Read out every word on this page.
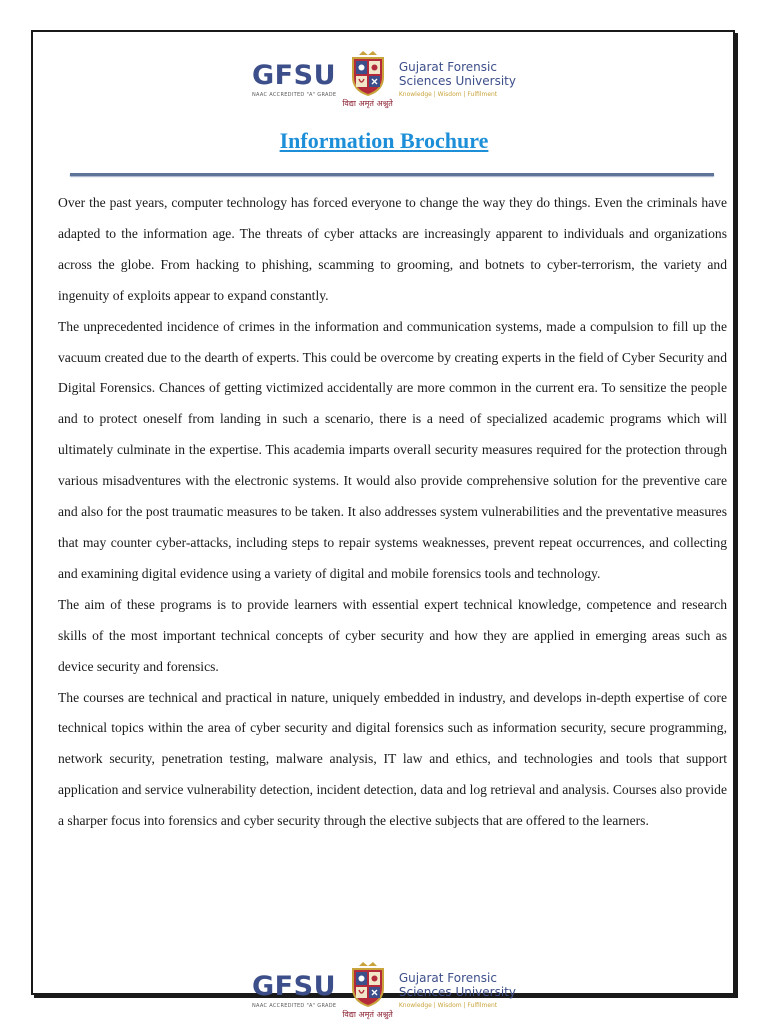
GFSU
NAAC ACCREDITED "A" GRADE
विद्या अमृतं अश्नुते
Gujarat Forensic
Sciences University
Knowledge | Wisdom | Fulfilment
Information Brochure

Over the past years, computer technology has forced everyone to change the way they do things. Even the criminals have adapted to the information age. The threats of cyber attacks are increasingly apparent to individuals and organizations across the globe. From hacking to phishing, scamming to grooming, and botnets to cyber-terrorism, the variety and ingenuity of exploits appear to expand constantly.

The unprecedented incidence of crimes in the information and communication systems, made a compulsion to fill up the vacuum created due to the dearth of experts. This could be overcome by creating experts in the field of Cyber Security and Digital Forensics. Chances of getting victimized accidentally are more common in the current era. To sensitize the people and to protect oneself from landing in such a scenario, there is a need of specialized academic programs which will ultimately culminate in the expertise. This academia imparts overall security measures required for the protection through various misadventures with the electronic systems. It would also provide comprehensive solution for the preventive care and also for the post traumatic measures to be taken. It also addresses system vulnerabilities and the preventative measures that may counter cyber-attacks, including steps to repair systems weaknesses, prevent repeat occurrences, and collecting and examining digital evidence using a variety of digital and mobile forensics tools and technology.

The aim of these programs is to provide learners with essential expert technical knowledge, competence and research skills of the most important technical concepts of cyber security and how they are applied in emerging areas such as device security and forensics.

The courses are technical and practical in nature, uniquely embedded in industry, and develops in-depth expertise of core technical topics within the area of cyber security and digital forensics such as information security, secure programming, network security, penetration testing, malware analysis, IT law and ethics, and technologies and tools that support application and service vulnerability detection, incident detection, data and log retrieval and analysis. Courses also provide a sharper focus into forensics and cyber security through the elective subjects that are offered to the learners.

GFSU
NAAC ACCREDITED "A" GRADE
विद्या अमृतं अश्नुते
Gujarat Forensic
Sciences University
Knowledge | Wisdom | Fulfilment
